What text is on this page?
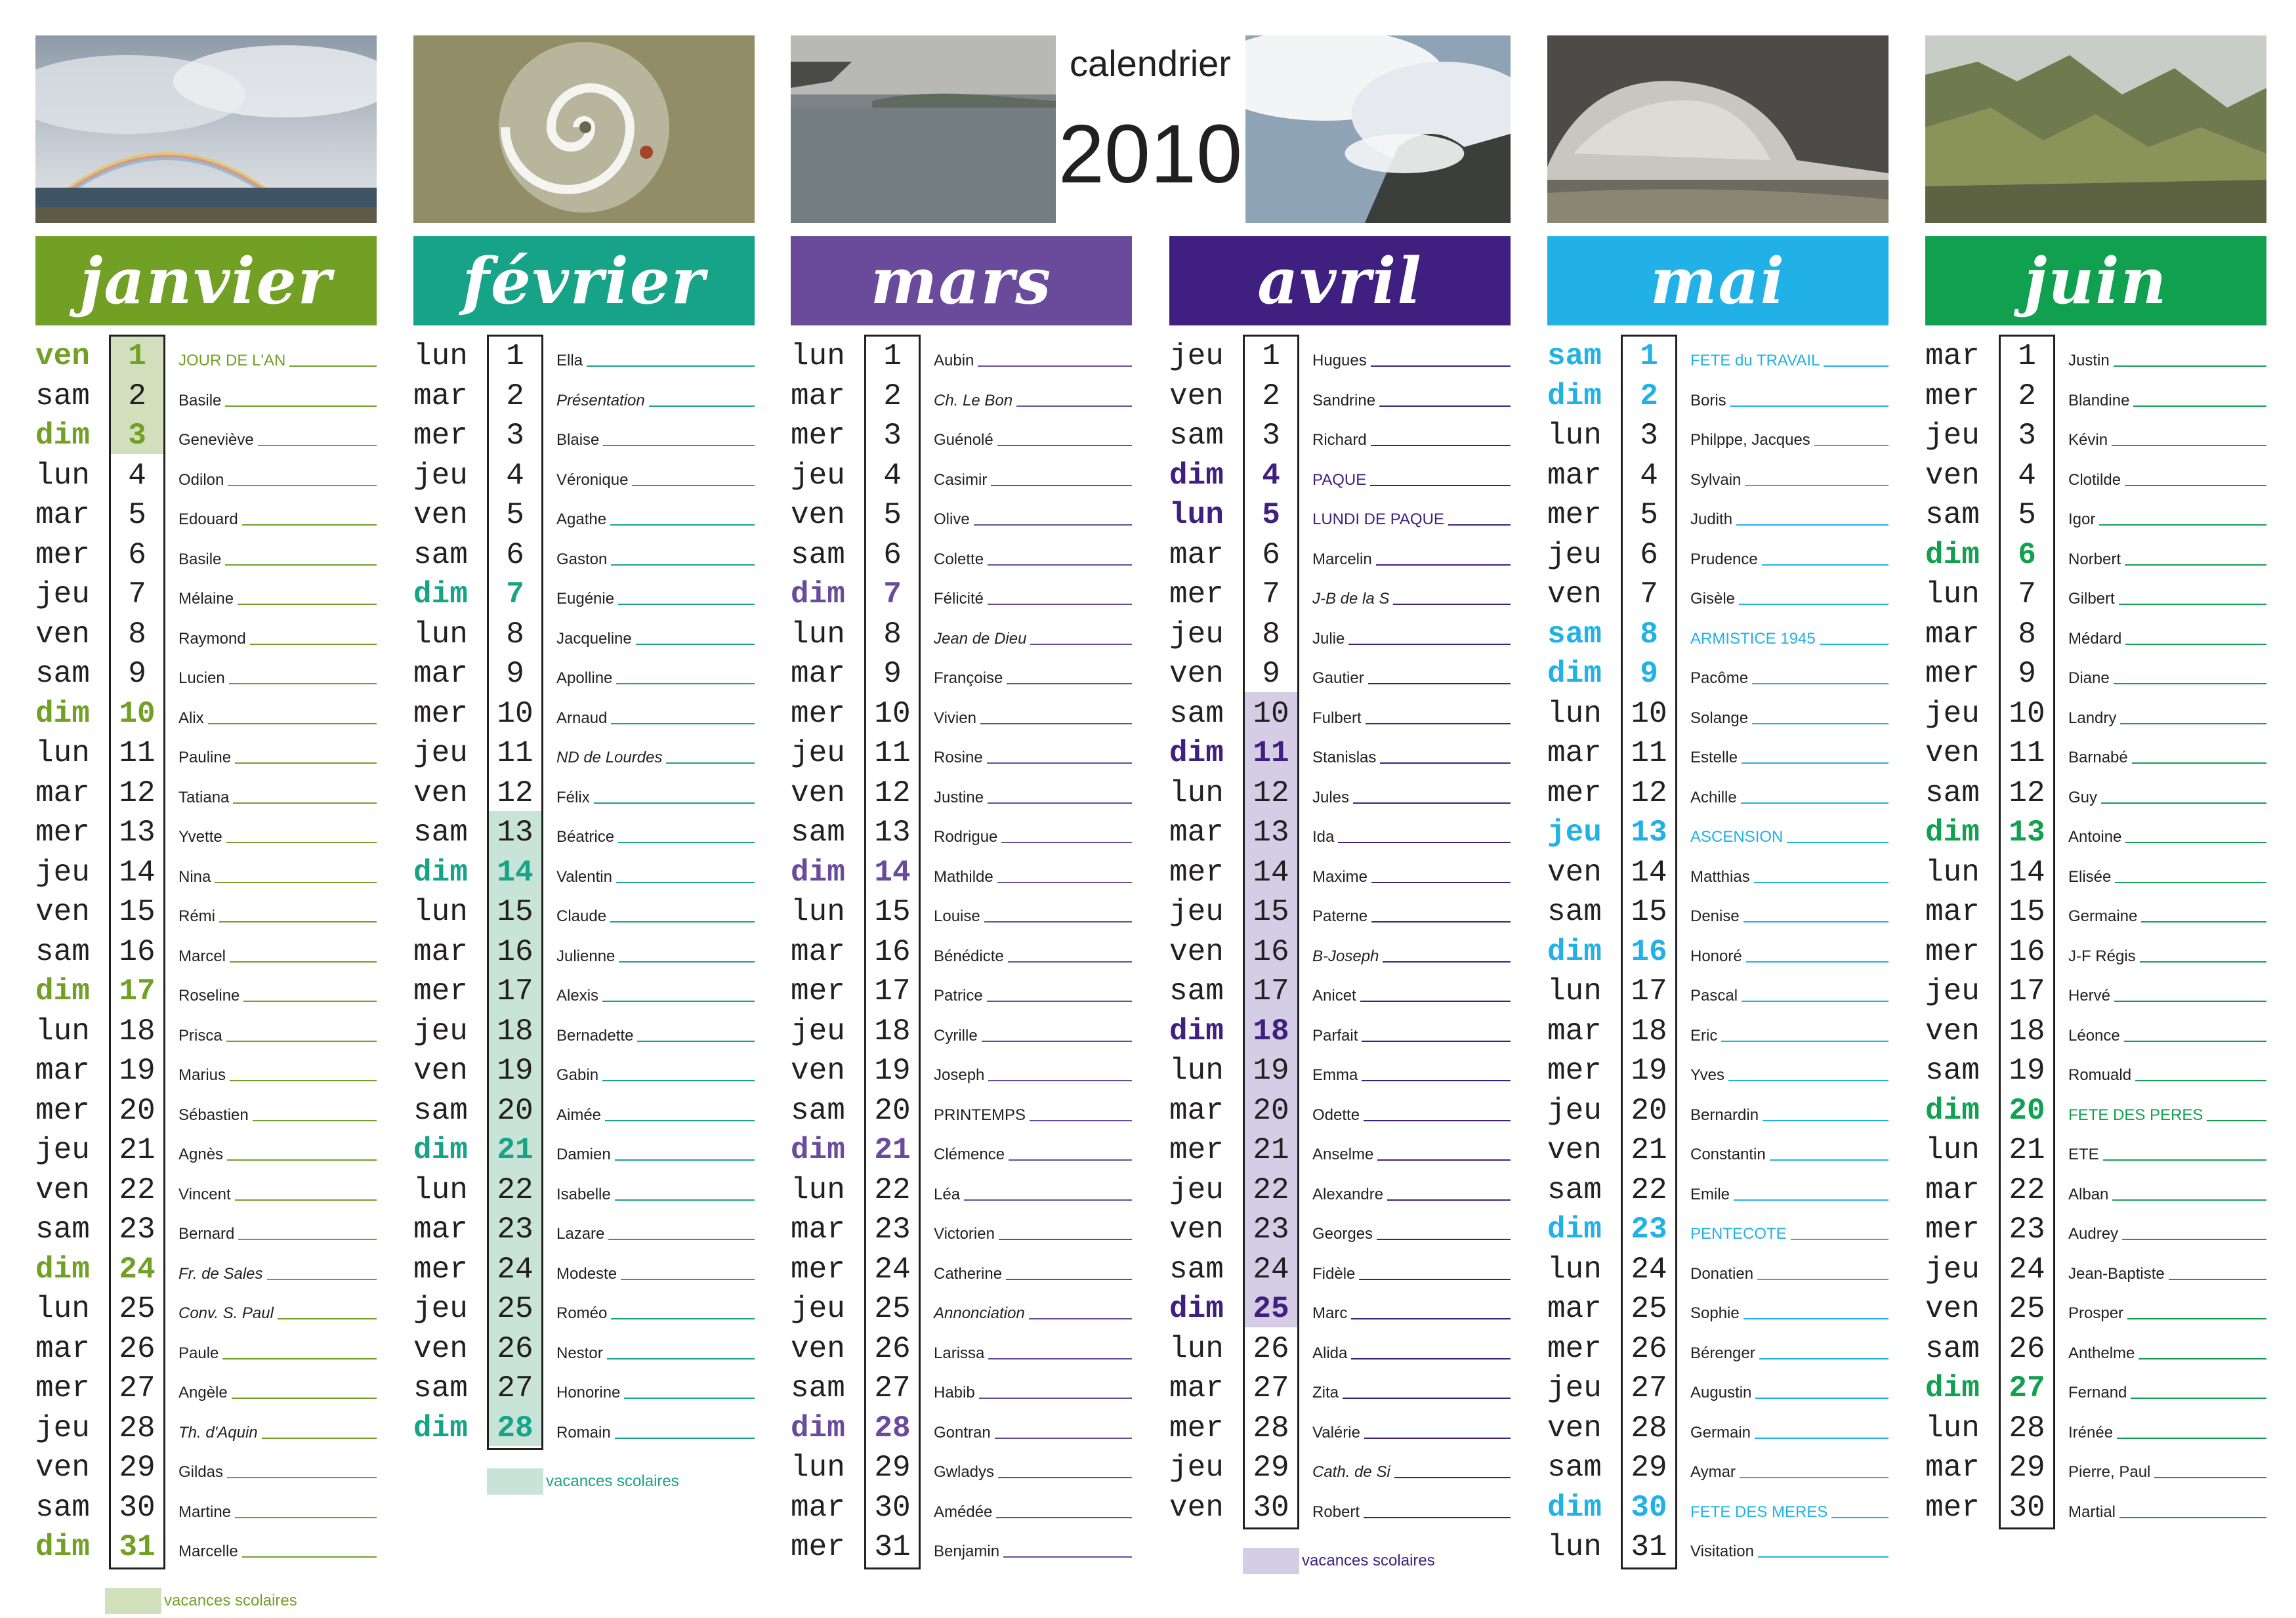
calendrier
2010
janvier
ven	1	JOUR DE L'AN
sam	2	Basile
dim	3	Geneviève
lun	4	Odilon
mar	5	Edouard
mer	6	Basile
jeu	7	Mélaine
ven	8	Raymond
sam	9	Lucien
dim 10	Alix
lun 11	Pauline
mar 12	Tatiana
mer 13	Yvette
jeu 14	Nina
ven 15	Rémi
sam 16	Marcel
dim 17	Roseline
lun 18	Prisca
mar 19	Marius
mer 20	Sébastien
jeu 21	Agnès
ven 22	Vincent
sam 23	Bernard
dim 24	Fr. de Sales
lun 25	Conv. S. Paul
mar 26	Paule
mer 27	Angèle
jeu 28	Th. d'Aquin
ven 29	Gildas
sam 30	Martine
dim 31	Marcelle
vacances scolaires
février
lun	1	Ella
mar	2	Présentation
mer	3	Blaise
jeu	4	Véronique
ven	5	Agathe
sam	6	Gaston
dim	7	Eugénie
lun	8	Jacqueline
mar	9	Apolline
mer 10	Arnaud
jeu 11	ND de Lourdes
ven 12	Félix
sam 13	Béatrice
dim 14	Valentin
lun 15	Claude
mar 16	Julienne
mer 17	Alexis
jeu 18	Bernadette
ven 19	Gabin
sam 20	Aimée
dim 21	Damien
lun 22	Isabelle
mar 23	Lazare
mer 24	Modeste
jeu 25	Roméo
ven 26	Nestor
sam 27	Honorine
dim 28	Romain
vacances scolaires
mars
lun	1	Aubin
mar	2	Ch. Le Bon
mer	3	Guénolé
jeu	4	Casimir
ven	5	Olive
sam	6	Colette
dim	7	Félicité
lun	8	Jean de Dieu
mar	9	Françoise
mer 10	Vivien
jeu 11	Rosine
ven 12	Justine
sam 13	Rodrigue
dim 14	Mathilde
lun 15	Louise
mar 16	Bénédicte
mer 17	Patrice
jeu 18	Cyrille
ven 19	Joseph
sam 20	PRINTEMPS
dim 21	Clémence
lun 22	Léa
mar 23	Victorien
mer 24	Catherine
jeu 25	Annonciation
ven 26	Larissa
sam 27	Habib
dim 28	Gontran
lun 29	Gwladys
mar 30	Amédée
mer 31	Benjamin
avril
jeu	1	Hugues
ven	2	Sandrine
sam	3	Richard
dim	4	PAQUE
lun	5	LUNDI DE PAQUE
mar	6	Marcelin
mer	7	J-B de la S
jeu	8	Julie
ven	9	Gautier
sam 10	Fulbert
dim 11	Stanislas
lun 12	Jules
mar 13	Ida
mer 14	Maxime
jeu 15	Paterne
ven 16	B-Joseph
sam 17	Anicet
dim 18	Parfait
lun 19	Emma
mar 20	Odette
mer 21	Anselme
jeu 22	Alexandre
ven 23	Georges
sam 24	Fidèle
dim 25	Marc
lun 26	Alida
mar 27	Zita
mer 28	Valérie
jeu 29	Cath. de Si
ven 30	Robert
vacances scolaires
mai
sam	1	FETE du TRAVAIL
dim	2	Boris
lun	3	Philppe, Jacques
mar	4	Sylvain
mer	5	Judith
jeu	6	Prudence
ven	7	Gisèle
sam	8	ARMISTICE 1945
dim	9	Pacôme
lun 10	Solange
mar 11	Estelle
mer 12	Achille
jeu 13	ASCENSION
ven 14	Matthias
sam 15	Denise
dim 16	Honoré
lun 17	Pascal
mar 18	Eric
mer 19	Yves
jeu 20	Bernardin
ven 21	Constantin
sam 22	Emile
dim 23	PENTECOTE
lun 24	Donatien
mar 25	Sophie
mer 26	Bérenger
jeu 27	Augustin
ven 28	Germain
sam 29	Aymar
dim 30	FETE DES MERES
lun 31	Visitation
juin
mar	1	Justin
mer	2	Blandine
jeu	3	Kévin
ven	4	Clotilde
sam	5	Igor
dim	6	Norbert
lun	7	Gilbert
mar	8	Médard
mer	9	Diane
jeu 10	Landry
ven 11	Barnabé
sam 12	Guy
dim 13	Antoine
lun 14	Elisée
mar 15	Germaine
mer 16	J-F Régis
jeu 17	Hervé
ven 18	Léonce
sam 19	Romuald
dim 20	FETE DES PERES
lun 21	ETE
mar 22	Alban
mer 23	Audrey
jeu 24	Jean-Baptiste
ven 25	Prosper
sam 26	Anthelme
dim 27	Fernand
lun 28	Irénée
mar 29	Pierre, Paul
mer 30	Martial
